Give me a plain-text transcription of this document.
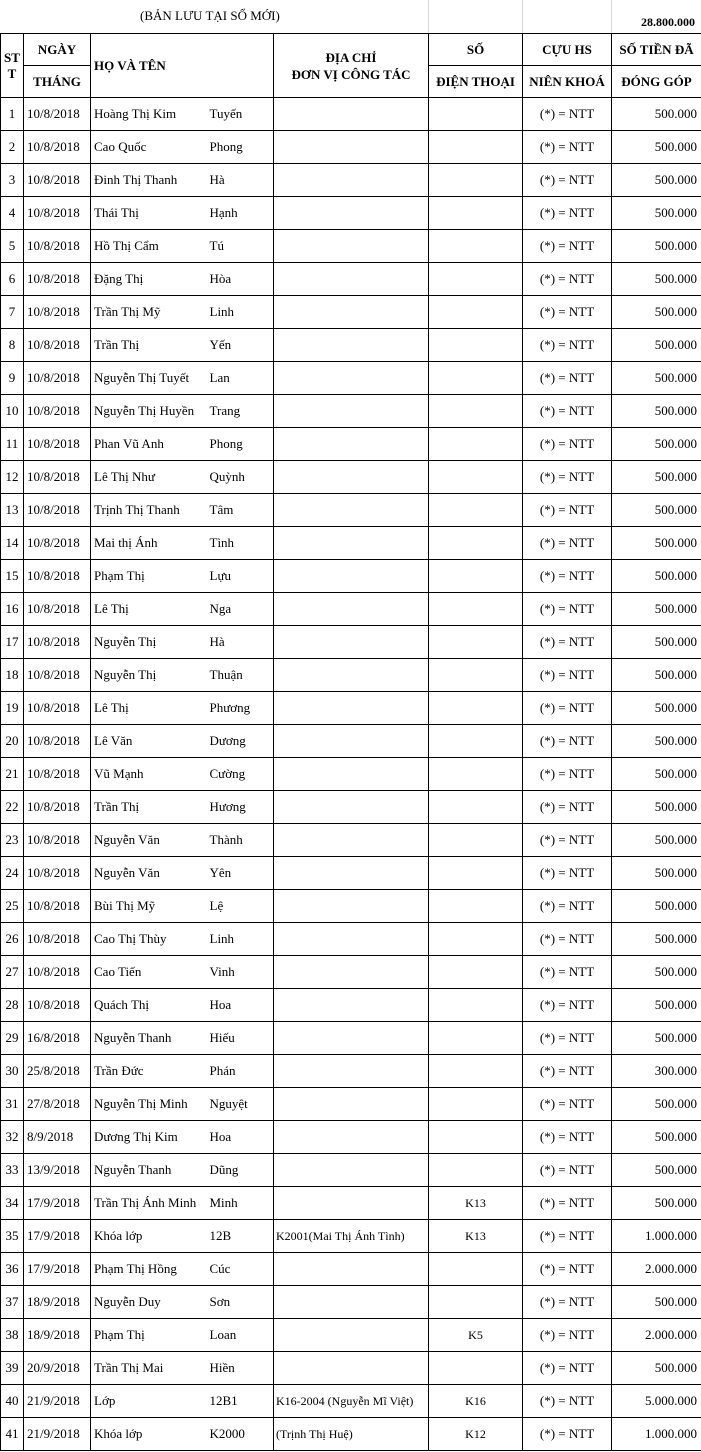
(BẢN LƯU TẠI SỔ MỚI)	28.800.000
ST T	NGÀY	HỌ VÀ TÊN		ĐỊA CHỈ
ĐƠN VỊ CÔNG TÁC	SỐ	CỰU HS	SỐ TIỀN ĐÃ
	THÁNG				ĐIỆN THOẠI	NIÊN KHOÁ	ĐÓNG GÓP
1	10/8/2018	Hoàng Thị Kim	Tuyến			(*) = NTT	500.000
2	10/8/2018	Cao Quốc	Phong			(*) = NTT	500.000
3	10/8/2018	Đinh Thị Thanh	Hà			(*) = NTT	500.000
4	10/8/2018	Thái Thị	Hạnh			(*) = NTT	500.000
5	10/8/2018	Hồ Thị Cẩm	Tú			(*) = NTT	500.000
6	10/8/2018	Đặng Thị	Hòa			(*) = NTT	500.000
7	10/8/2018	Trần Thị Mỹ	Linh			(*) = NTT	500.000
8	10/8/2018	Trần Thị	Yến			(*) = NTT	500.000
9	10/8/2018	Nguyễn Thị Tuyết	Lan			(*) = NTT	500.000
10	10/8/2018	Nguyễn Thị Huyền	Trang			(*) = NTT	500.000
11	10/8/2018	Phan Vũ Anh	Phong			(*) = NTT	500.000
12	10/8/2018	Lê Thị Như	Quỳnh			(*) = NTT	500.000
13	10/8/2018	Trịnh Thị Thanh	Tâm			(*) = NTT	500.000
14	10/8/2018	Mai thị Ánh	Tình			(*) = NTT	500.000
15	10/8/2018	Phạm Thị	Lựu			(*) = NTT	500.000
16	10/8/2018	Lê Thị	Nga			(*) = NTT	500.000
17	10/8/2018	Nguyễn Thị	Hà			(*) = NTT	500.000
18	10/8/2018	Nguyễn Thị	Thuận			(*) = NTT	500.000
19	10/8/2018	Lê Thị	Phương			(*) = NTT	500.000
20	10/8/2018	Lê Văn	Dương			(*) = NTT	500.000
21	10/8/2018	Vũ Mạnh	Cường			(*) = NTT	500.000
22	10/8/2018	Trần Thị	Hương			(*) = NTT	500.000
23	10/8/2018	Nguyễn Văn	Thành			(*) = NTT	500.000
24	10/8/2018	Nguyễn Văn	Yên			(*) = NTT	500.000
25	10/8/2018	Bùi Thị Mỹ	Lệ			(*) = NTT	500.000
26	10/8/2018	Cao Thị Thùy	Linh			(*) = NTT	500.000
27	10/8/2018	Cao Tiến	Vinh			(*) = NTT	500.000
28	10/8/2018	Quách Thị	Hoa			(*) = NTT	500.000
29	16/8/2018	Nguyễn Thanh	Hiếu			(*) = NTT	500.000
30	25/8/2018	Trần Đức	Phán			(*) = NTT	300.000
31	27/8/2018	Nguyễn Thị Minh	Nguyệt			(*) = NTT	500.000
32	8/9/2018	Dương Thị Kim	Hoa			(*) = NTT	500.000
33	13/9/2018	Nguyễn Thanh	Dũng			(*) = NTT	500.000
34	17/9/2018	Trần Thị Ánh Minh	Minh		K13	(*) = NTT	500.000
35	17/9/2018	Khóa lớp	12B	K2001(Mai Thị Ánh Tình)	K13	(*) = NTT	1.000.000
36	17/9/2018	Phạm Thị Hồng	Cúc			(*) = NTT	2.000.000
37	18/9/2018	Nguyễn Duy	Sơn			(*) = NTT	500.000
38	18/9/2018	Phạm Thị	Loan		K5	(*) = NTT	2.000.000
39	20/9/2018	Trần Thị Mai	Hiền			(*) = NTT	500.000
40	21/9/2018	Lớp	12B1	K16-2004 (Nguyễn Mĩ Việt)	K16	(*) = NTT	5.000.000
41	21/9/2018	Khóa lớp	K2000	(Trịnh Thị Huệ)	K12	(*) = NTT	1.000.000
